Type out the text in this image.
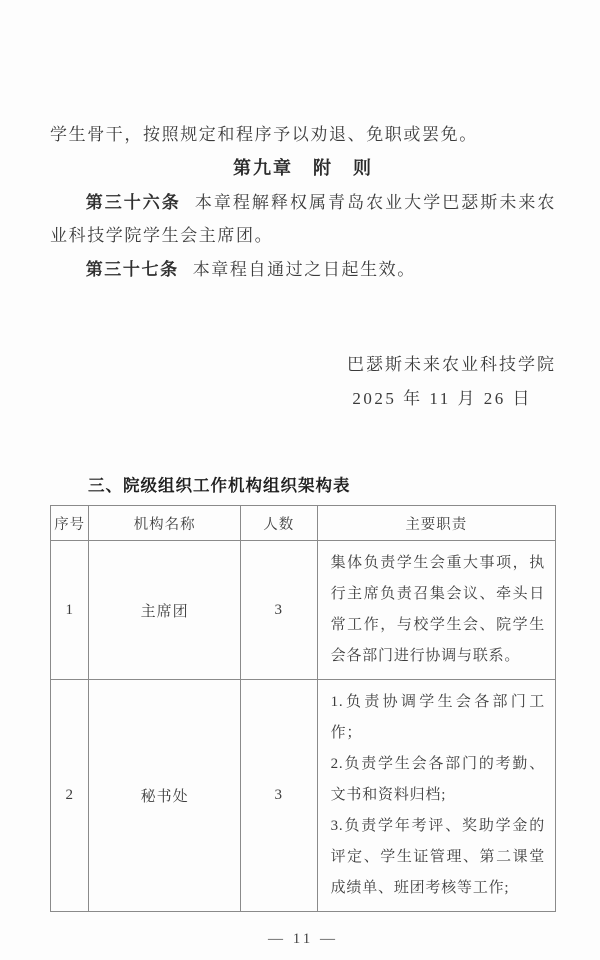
学生骨干，按照规定和程序予以劝退、免职或罢免。

第九章　附　则

第三十六条 本章程解释权属青岛农业大学巴瑟斯未来农业科技学院学生会主席团。

第三十七条 本章程自通过之日起生效。

巴瑟斯未来农业科技学院
2025 年 11 月 26 日
三、院级组织工作机构组织架构表
序号	机构名称	人数	主要职责
1	主席团	3	集体负责学生会重大事项，执行主席负责召集会议、牵头日常工作，与校学生会、院学生会各部门进行协调与联系。

2	秘书处	3	1.负责协调学生会各部门工作；
2.负责学生会各部门的考勤、文书和资料归档;
3.负责学年考评、奖助学金的评定、学生证管理、第二课堂成绩单、班团考核等工作;
— 11 —
